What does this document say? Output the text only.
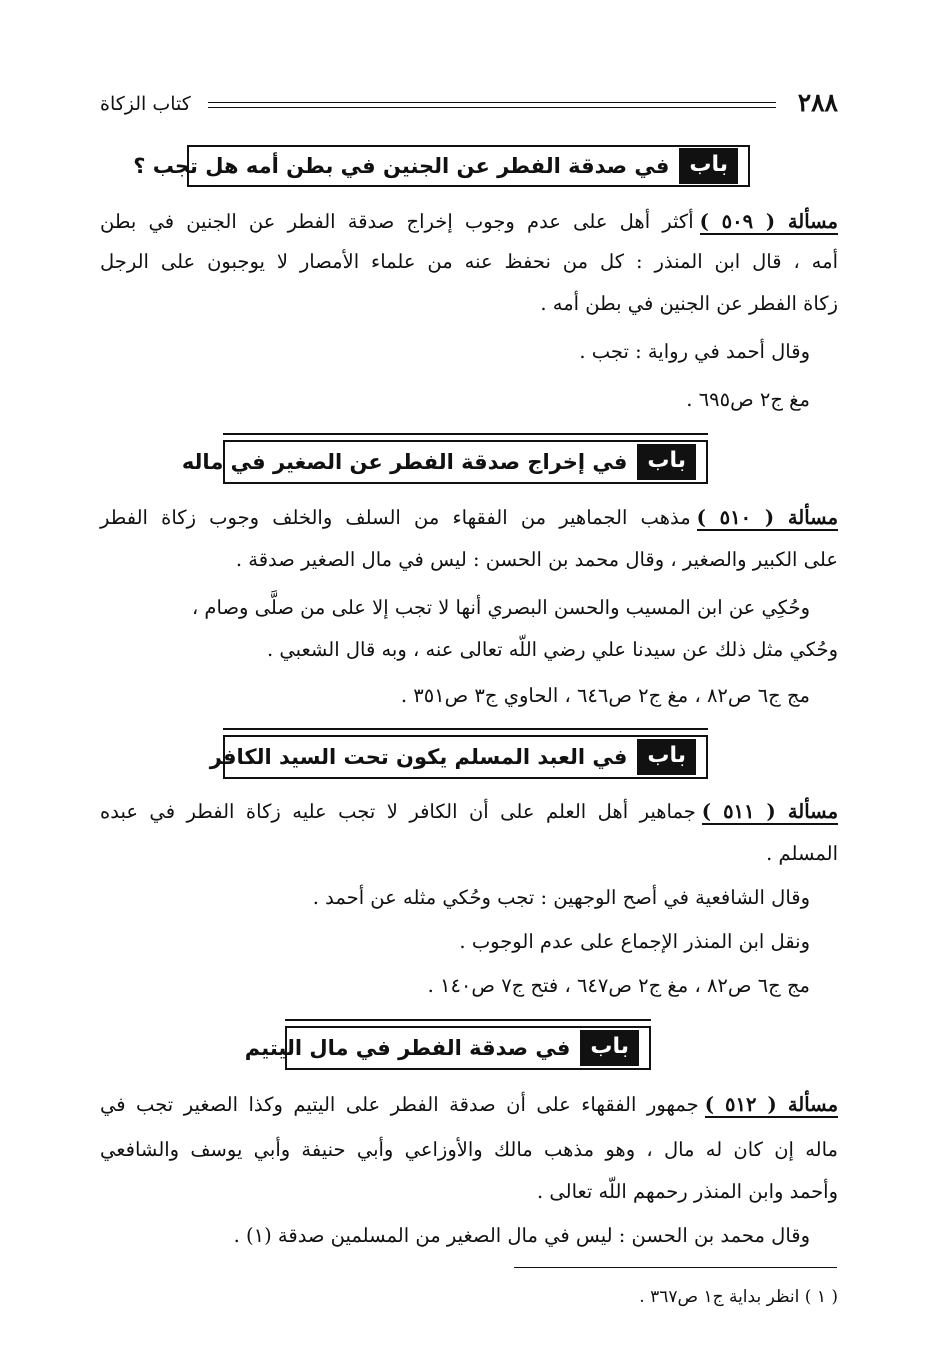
٢٨٨
كتاب الزكاة
باب
في صدقة الفطر عن الجنين في بطن أمه هل تجب ؟
مسألة ( ٥٠٩ )أكثر أهل على عدم وجوب إخراج صدقة الفطر عن الجنين في بطن
أمه ، قال ابن المنذر : كل من نحفظ عنه من علماء الأمصار لا يوجبون على الرجل
زكاة الفطر عن الجنين في بطن أمه .
وقال أحمد في رواية : تجب .
مغ ج٢ ص٦٩٥ .
باب
في إخراج صدقة الفطر عن الصغير في ماله
مسألة ( ٥١٠ )مذهب الجماهير من الفقهاء من السلف والخلف وجوب زكاة الفطر
على الكبير والصغير ، وقال محمد بن الحسن : ليس في مال الصغير صدقة .
وحُكِي عن ابن المسيب والحسن البصري أنها لا تجب إلا على من صلَّى وصام ،
وحُكي مثل ذلك عن سيدنا علي رضي اللّه تعالى عنه ، وبه قال الشعبي .
مج ج٦ ص٨٢ ، مغ ج٢ ص٦٤٦ ، الحاوي ج٣ ص٣٥١ .
باب
في العبد المسلم يكون تحت السيد الكافر
مسألة ( ٥١١ )جماهير أهل العلم على أن الكافر لا تجب عليه زكاة الفطر في عبده
المسلم .
وقال الشافعية في أصح الوجهين : تجب وحُكي مثله عن أحمد .
ونقل ابن المنذر الإجماع على عدم الوجوب .
مج ج٦ ص٨٢ ، مغ ج٢ ص٦٤٧ ، فتح ج٧ ص١٤٠ .
باب
في صدقة الفطر في مال اليتيم
مسألة ( ٥١٢ )جمهور الفقهاء على أن صدقة الفطر على اليتيم وكذا الصغير تجب في
ماله إن كان له مال ، وهو مذهب مالك والأوزاعي وأبي حنيفة وأبي يوسف والشافعي
وأحمد وابن المنذر رحمهم اللّه تعالى .
وقال محمد بن الحسن : ليس في مال الصغير من المسلمين صدقة (١) .
( ١ ) انظر بداية ج١ ص٣٦٧ .
